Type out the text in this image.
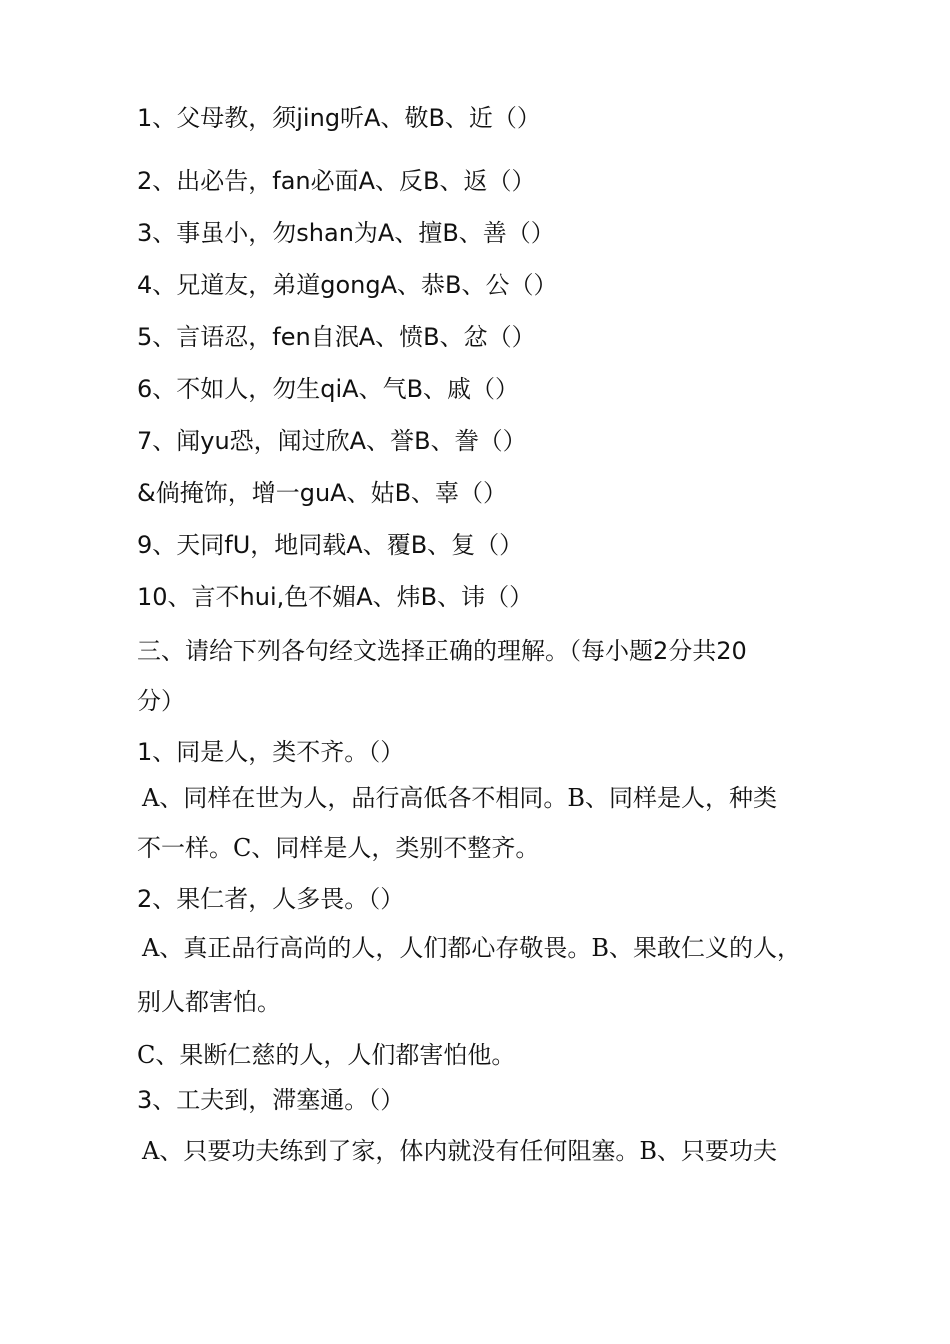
1、父母教，须jing听A、敬B、近（）
2、出必告，fan必面A、反B、返（）
3、事虽小，勿shan为A、擅B、善（）
4、兄道友，弟道gongA、恭B、公（）
5、言语忍，fen自泯A、愤B、忿（）
6、不如人，勿生qiA、气B、戚（）
7、闻yu恐，闻过欣A、誉B、誊（）
&倘掩饰，增一guA、姑B、辜（）
9、天同fU，地同载A、覆B、复（）
10、言不hui,色不媚A、炜B、讳（）
三、请给下列各句经文选择正确的理解。（每小题2分共20
分）
1、同是人，类不齐。（）
A、同样在世为人，品行高低各不相同。B、同样是人，种类
不一样。C、同样是人，类别不整齐。
2、果仁者，人多畏。（）
A、真正品行高尚的人，人们都心存敬畏。B、果敢仁义的人，
别人都害怕。
C、果断仁慈的人，人们都害怕他。
3、工夫到，滞塞通。（）
A、只要功夫练到了家，体内就没有任何阻塞。B、只要功夫
